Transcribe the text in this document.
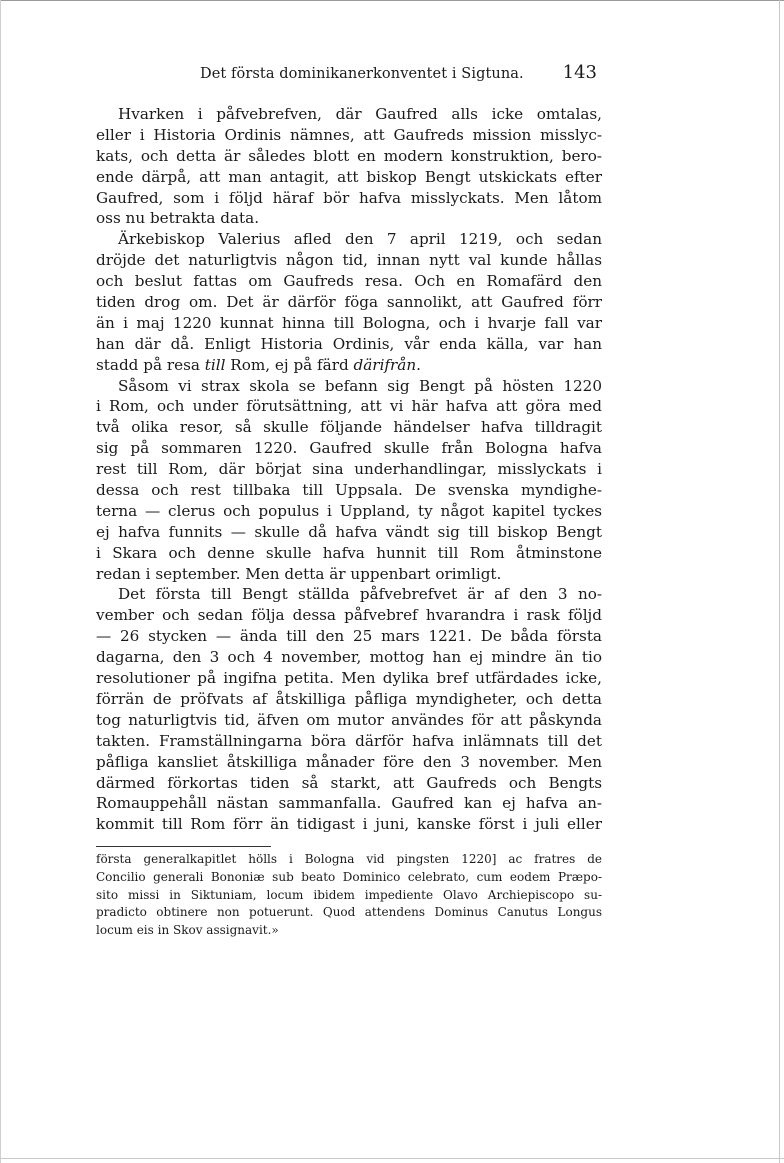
Det första dominikanerkonventet i Sigtuna. 143
Hvarken i påfvebrefven, där Gaufred alls icke omtalas,
eller i Historia Ordinis nämnes, att Gaufreds mission misslyc-
kats, och detta är således blott en modern konstruktion, bero-
ende därpå, att man antagit, att biskop Bengt utskickats efter
Gaufred, som i följd häraf bör hafva misslyckats. Men låtom
oss nu betrakta data.
Ärkebiskop Valerius afled den 7 april 1219, och sedan
dröjde det naturligtvis någon tid, innan nytt val kunde hållas
och beslut fattas om Gaufreds resa. Och en Romafärd den
tiden drog om. Det är därför föga sannolikt, att Gaufred förr
än i maj 1220 kunnat hinna till Bologna, och i hvarje fall var
han där då. Enligt Historia Ordinis, vår enda källa, var han
stadd på resa till Rom, ej på färd därifrån.
Såsom vi strax skola se befann sig Bengt på hösten 1220
i Rom, och under förutsättning, att vi här hafva att göra med
två olika resor, så skulle följande händelser hafva tilldragit
sig på sommaren 1220. Gaufred skulle från Bologna hafva
rest till Rom, där börjat sina underhandlingar, misslyckats i
dessa och rest tillbaka till Uppsala. De svenska myndighe-
terna — clerus och populus i Uppland, ty något kapitel tyckes
ej hafva funnits — skulle då hafva vändt sig till biskop Bengt
i Skara och denne skulle hafva hunnit till Rom åtminstone
redan i september. Men detta är uppenbart orimligt.
Det första till Bengt ställda påfvebrefvet är af den 3 no-
vember och sedan följa dessa påfvebref hvarandra i rask följd
— 26 stycken — ända till den 25 mars 1221. De båda första
dagarna, den 3 och 4 november, mottog han ej mindre än tio
resolutioner på ingifna petita. Men dylika bref utfärdades icke,
förrän de pröfvats af åtskilliga påfliga myndigheter, och detta
tog naturligtvis tid, äfven om mutor användes för att påskynda
takten. Framställningarna böra därför hafva inlämnats till det
påfliga kansliet åtskilliga månader före den 3 november. Men
därmed förkortas tiden så starkt, att Gaufreds och Bengts
Romauppehåll nästan sammanfalla. Gaufred kan ej hafva an-
kommit till Rom förr än tidigast i juni, kanske först i juli eller
första generalkapitlet hölls i Bologna vid pingsten 1220] ac fratres de
Concilio generali Bononiæ sub beato Dominico celebrato, cum eodem Præpo-
sito missi in Siktuniam, locum ibidem impediente Olavo Archiepiscopo su-
pradicto obtinere non potuerunt. Quod attendens Dominus Canutus Longus
locum eis in Skov assignavit.»
